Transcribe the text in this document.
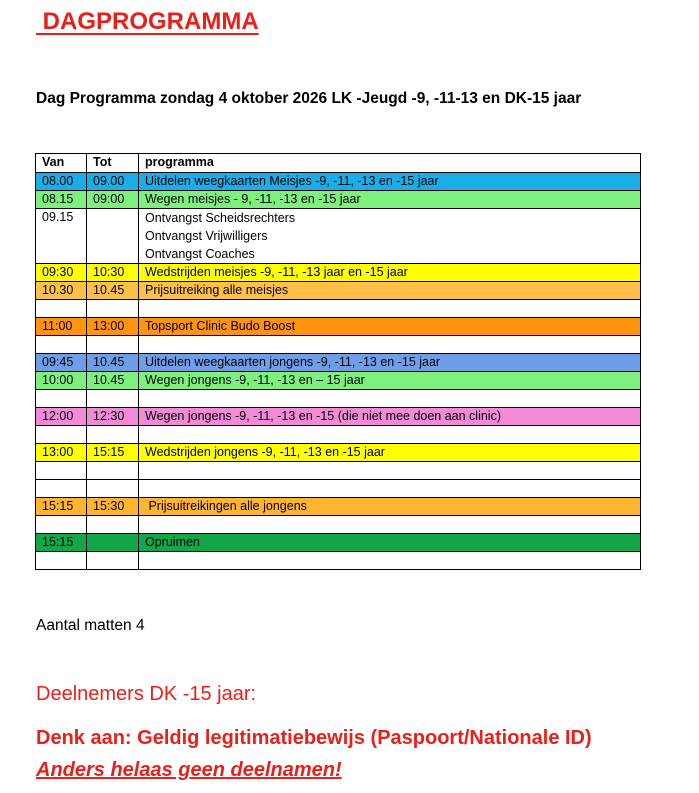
DAGPROGRAMMA
Dag Programma zondag 4 oktober 2026 LK -Jeugd -9, -11-13 en DK-15 jaar
Van	Tot	programma
08.00	09.00	Uitdelen weegkaarten Meisjes -9, -11, -13 en -15 jaar

08.15	09:00	Wegen meisjes - 9, -11, -13 en -15 jaar

09.15		Ontvangst Scheidsrechters
Ontvangst Vrijwilligers
Ontvangst Coaches

09:30	10:30	Wedstrijden meisjes -9, -11, -13 jaar en -15 jaar

10.30	10.45	Prijsuitreiking alle meisjes

11:00	13:00	Topsport Clinic Budo Boost

09:45	10.45	Uitdelen weegkaarten jongens -9, -11, -13 en -15 jaar

10:00	10.45	Wegen jongens -9, -11, -13 en – 15 jaar

12:00	12:30	Wegen jongens -9, -11, -13 en -15 (die niet mee doen aan clinic)

13:00	15:15	Wedstrijden jongens -9, -11, -13 en -15 jaar

15:15	15:30	Prijsuitreikingen alle jongens

15:15		Opruimen

Aantal matten 4
Deelnemers DK -15 jaar:
Denk aan: Geldig legitimatiebewijs (Paspoort/Nationale ID)
Anders helaas geen deelnamen!
